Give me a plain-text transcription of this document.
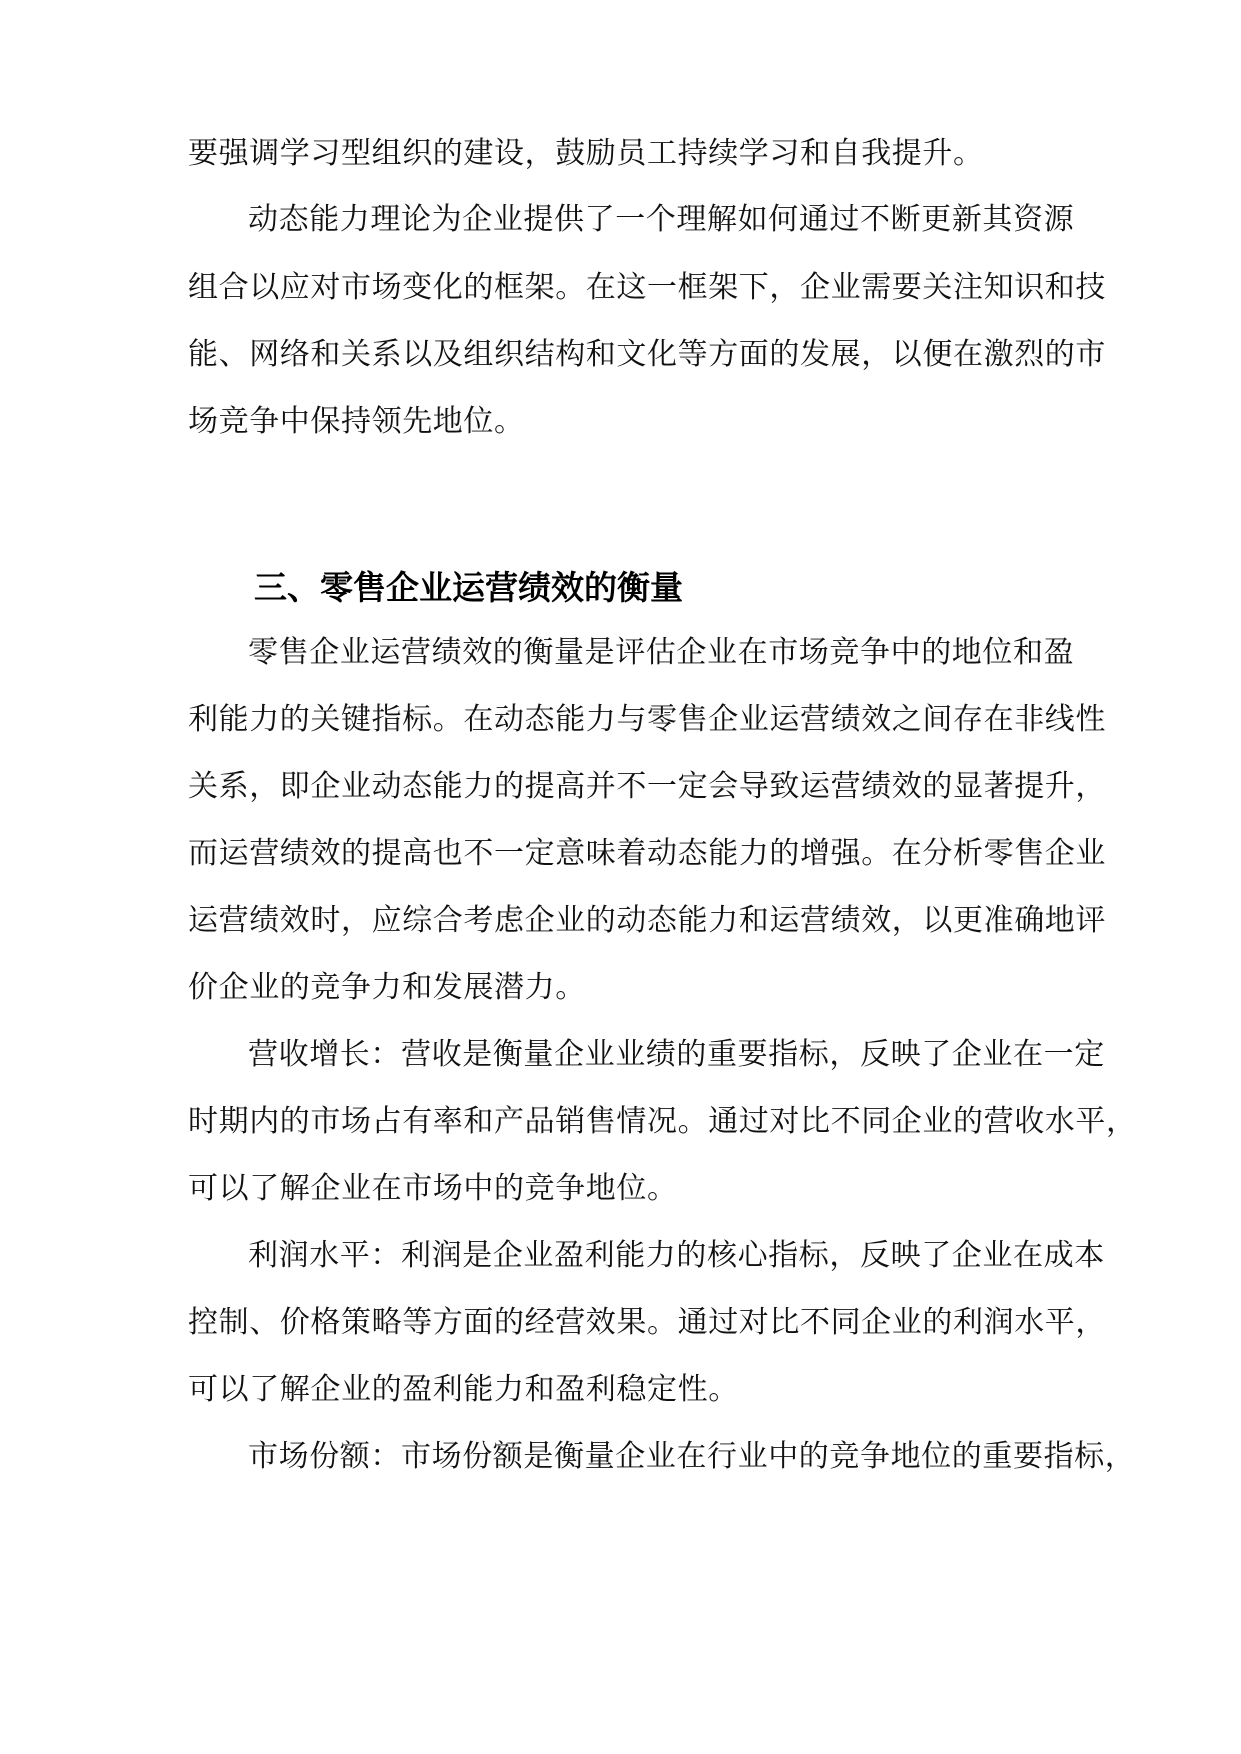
要强调学习型组织的建设，鼓励员工持续学习和自我提升。
动态能力理论为企业提供了一个理解如何通过不断更新其资源
组合以应对市场变化的框架。在这一框架下，企业需要关注知识和技
能、网络和关系以及组织结构和文化等方面的发展，以便在激烈的市
场竞争中保持领先地位。
三、零售企业运营绩效的衡量
零售企业运营绩效的衡量是评估企业在市场竞争中的地位和盈
利能力的关键指标。在动态能力与零售企业运营绩效之间存在非线性
关系，即企业动态能力的提高并不一定会导致运营绩效的显著提升，
而运营绩效的提高也不一定意味着动态能力的增强。在分析零售企业
运营绩效时，应综合考虑企业的动态能力和运营绩效，以更准确地评
价企业的竞争力和发展潜力。
营收增长：营收是衡量企业业绩的重要指标，反映了企业在一定
时期内的市场占有率和产品销售情况。通过对比不同企业的营收水平，
可以了解企业在市场中的竞争地位。
利润水平：利润是企业盈利能力的核心指标，反映了企业在成本
控制、价格策略等方面的经营效果。通过对比不同企业的利润水平，
可以了解企业的盈利能力和盈利稳定性。
市场份额：市场份额是衡量企业在行业中的竞争地位的重要指标，
